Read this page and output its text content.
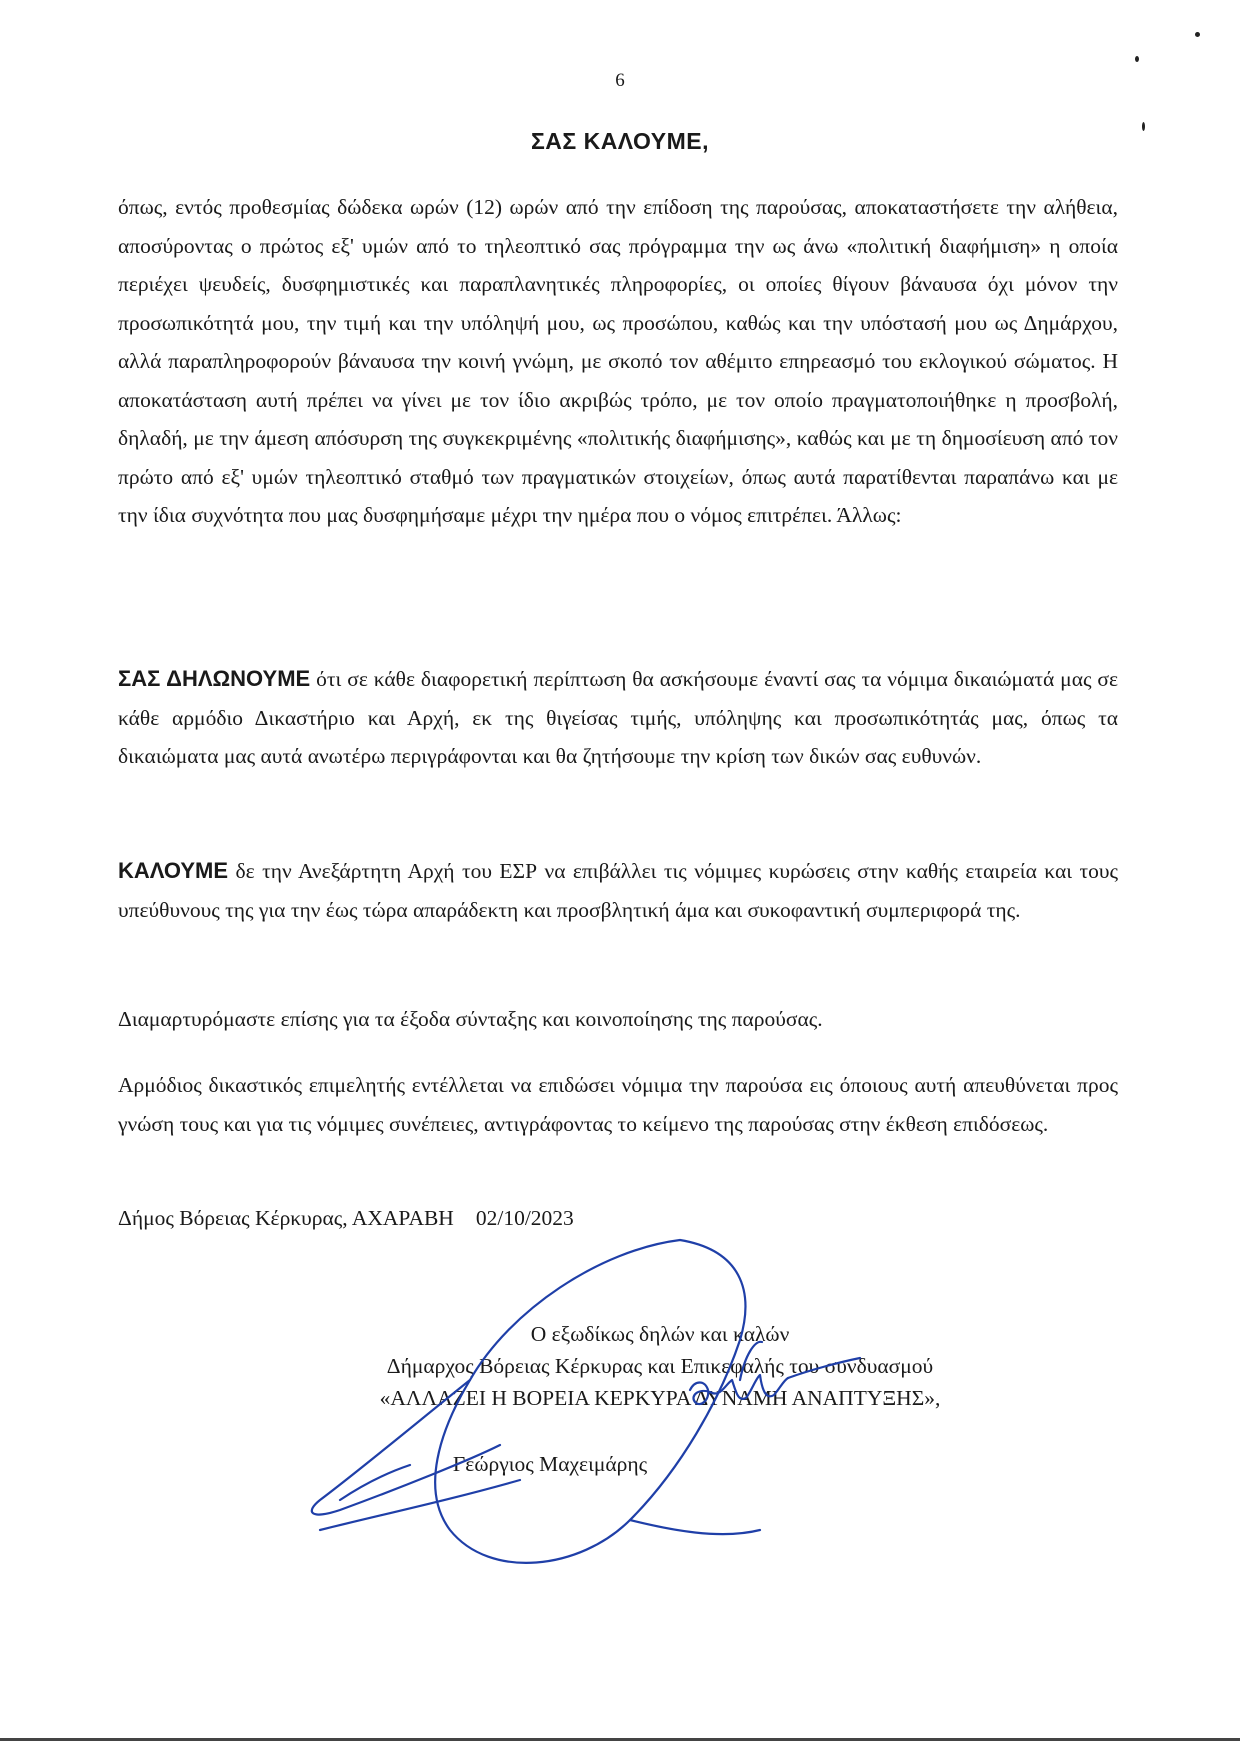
6
ΣΑΣ ΚΑΛΟΥΜΕ,

όπως, εντός προθεσμίας δώδεκα ωρών (12) ωρών από την επίδοση της παρούσας, αποκαταστήσετε την αλήθεια, αποσύροντας ο πρώτος εξ' υμών από το τηλεοπτικό σας πρόγραμμα την ως άνω «πολιτική διαφήμιση» η οποία περιέχει ψευδείς, δυσφημιστικές και παραπλανητικές πληροφορίες, οι οποίες θίγουν βάναυσα όχι μόνον την προσωπικότητά μου, την τιμή και την υπόληψή μου, ως προσώπου, καθώς και την υπόστασή μου ως Δημάρχου, αλλά παραπληροφορούν βάναυσα την κοινή γνώμη, με σκοπό τον αθέμιτο επηρεασμό του εκλογικού σώματος. Η αποκατάσταση αυτή πρέπει να γίνει με τον ίδιο ακριβώς τρόπο, με τον οποίο πραγματοποιήθηκε η προσβολή, δηλαδή, με την άμεση απόσυρση της συγκεκριμένης «πολιτικής διαφήμισης», καθώς και με τη δημοσίευση από τον πρώτο από εξ' υμών τηλεοπτικό σταθμό των πραγματικών στοιχείων, όπως αυτά παρατίθενται παραπάνω και με την ίδια συχνότητα που μας δυσφημήσαμε μέχρι την ημέρα που ο νόμος επιτρέπει. Άλλως:

ΣΑΣ ΔΗΛΩΝΟΥΜΕ ότι σε κάθε διαφορετική περίπτωση θα ασκήσουμε έναντί σας τα νόμιμα δικαιώματά μας σε κάθε αρμόδιο Δικαστήριο και Αρχή, εκ της θιγείσας τιμής, υπόληψης και προσωπικότητάς μας, όπως τα δικαιώματα μας αυτά ανωτέρω περιγράφονται και θα ζητήσουμε την κρίση των δικών σας ευθυνών.

ΚΑΛΟΥΜΕ δε την Ανεξάρτητη Αρχή του ΕΣΡ να επιβάλλει τις νόμιμες κυρώσεις στην καθής εταιρεία και τους υπεύθυνους της για την έως τώρα απαράδεκτη και προσβλητική άμα και συκοφαντική συμπεριφορά της.

Διαμαρτυρόμαστε επίσης για τα έξοδα σύνταξης και κοινοποίησης της παρούσας.

Αρμόδιος δικαστικός επιμελητής εντέλλεται να επιδώσει νόμιμα την παρούσα εις όποιους αυτή απευθύνεται προς γνώση τους και για τις νόμιμες συνέπειες, αντιγράφοντας το κείμενο της παρούσας στην έκθεση επιδόσεως.

Δήμος Βόρειας Κέρκυρας, ΑΧΑΡΑΒΗ 02/10/2023
Ο εξωδίκως δηλών και καλών
Δήμαρχος Βόρειας Κέρκυρας και Επικεφαλής του συνδυασμού
«ΑΛΛΑΖΕΙ Η ΒΟΡΕΙΑ ΚΕΡΚΥΡΑ ΔΥΝΑΜΗ ΑΝΑΠΤΥΞΗΣ»,
Γεώργιος Μαχειμάρης
